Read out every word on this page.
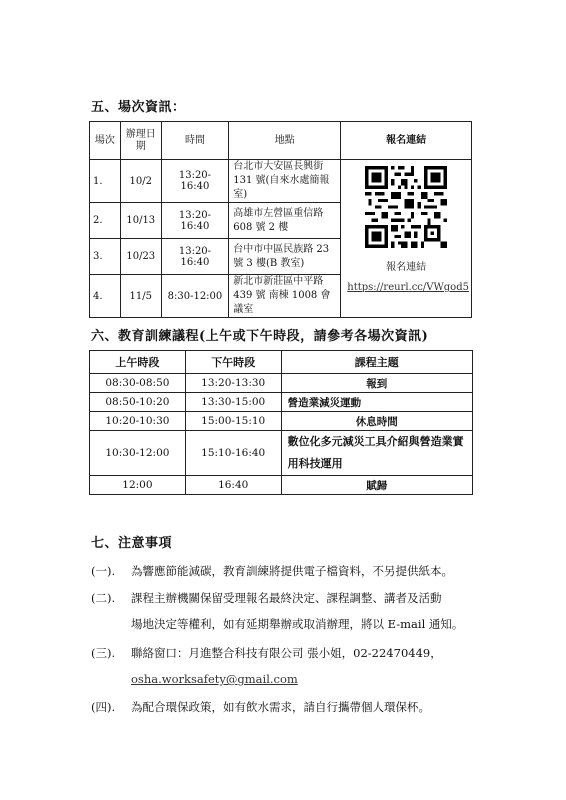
五、場次資訊：
場次	辦理日期	時間	地點	報名連結
1.	10/2	13:20-16:40	台北市大安區長興街 131 號(自來水處簡報室)	報名連結
https://reurl.cc/VWgod5

2.	10/13	13:20-16:40	高雄市左營區重信路 608 號 2 樓	
3.	10/23	13:20-16:40	台中市中區民族路 23 號 3 樓(B 教室)	
4.	11/5	8:30-12:00	新北市新莊區中平路 439 號 南棟 1008 會議室	
六、教育訓練議程(上午或下午時段，請參考各場次資訊)
上午時段	下午時段	課程主題
08:30-08:50	13:20-13:30	報到
08:50-10:20	13:30-15:00	營造業減災運動
10:20-10:30	15:00-15:10	休息時間
10:30-12:00	15:10-16:40	數位化多元減災工具介紹與營造業實用科技運用
12:00	16:40	賦歸
七、注意事項
(一). 為響應節能減碳，教育訓練將提供電子檔資料，不另提供紙本。
(二). 課程主辦機關保留受理報名最終決定、課程調整、講者及活動
場地決定等權利，如有延期舉辦或取消辦理，將以 E-mail 通知。
(三). 聯絡窗口：月進整合科技有限公司 張小姐，02-22470449，
osha.worksafety@gmail.com
(四). 為配合環保政策，如有飲水需求，請自行攜帶個人環保杯。
